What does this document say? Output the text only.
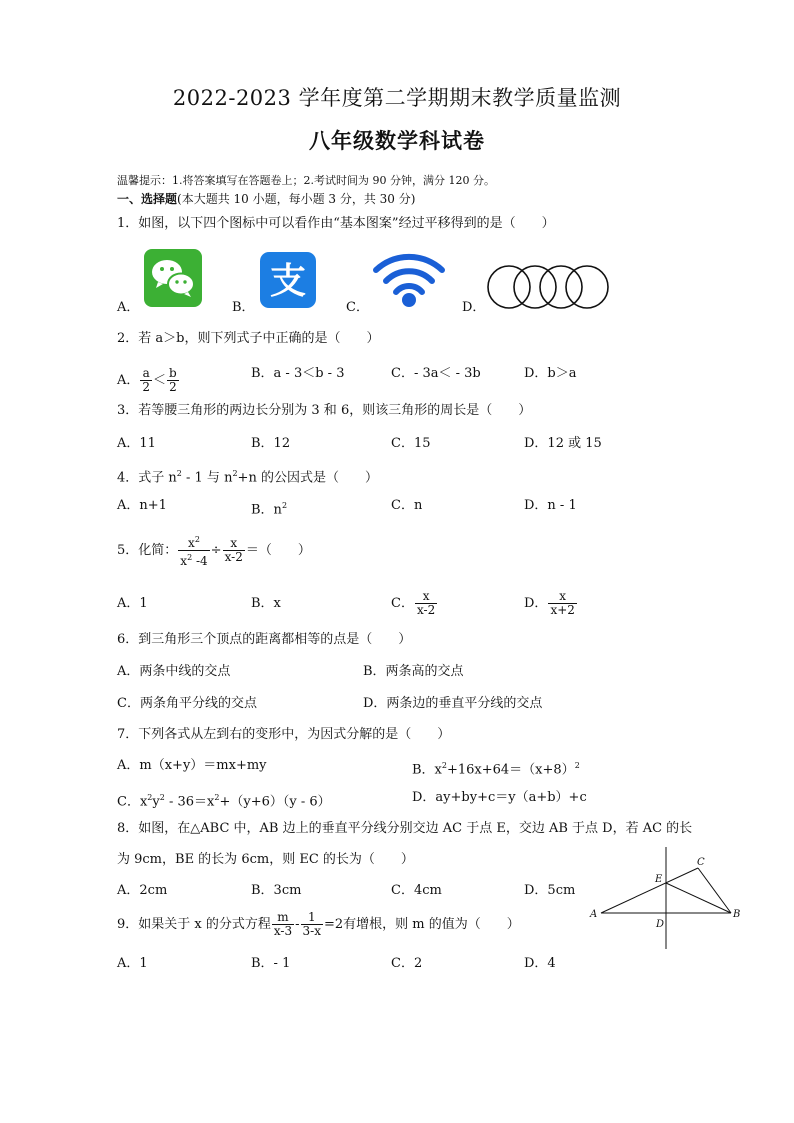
2022-2023 学年度第二学期期末教学质量监测
八年级数学科试卷
温馨提示：1.将答案填写在答题卷上；2.考试时间为 90 分钟，满分 120 分。
一、选择题(本大题共 10 小题，每小题 3 分，共 30 分)
1．如图，以下四个图标中可以看作由“基本图案”经过平移得到的是（　　）
A．	B．	C．	D．
支
2．若 a＞b，则下列式子中正确的是（　　）
A． $\frac{a}{2} < \frac{b}{2}$	B．a - 3＜b - 3	C．- 3a＜ - 3b	D．b＞a
3．若等腰三角形的两边长分别为 3 和 6，则该三角形的周长是（　　）
A．11	B．12	C．15	D．12 或 15
4．式子 $n^2 - 1$ 与 $n^2+n$ 的公因式是（　　）
A．n+1	B．$n^2$	C．n	D．n - 1
5．化简： $\frac{x^2}{x^2 -4} \div \frac{x}{x-2}$ ＝（　　）
A．1	B．x	C． $\frac{x}{x-2}$	D． $\frac{x}{x+2}$
6．到三角形三个顶点的距离都相等的点是（　　）
A．两条中线的交点	B．两条高的交点
C．两条角平分线的交点	D．两条边的垂直平分线的交点
7．下列各式从左到右的变形中，为因式分解的是（　　）
A．m（x+y）＝mx+my	B．$x^2+16x+64=(x+8)^2$
C．$x^2y^2 - 36=x^2+(y+6)(y - 6)$	D．ay+by+c＝y（a+b）+c
8．如图，在△ABC 中，AB 边上的垂直平分线分别交边 AC 于点 E，交边 AB 于点 D，若 AC 的长
为 9cm，BE 的长为 6cm，则 EC 的长为（　　）
A．2cm	B．3cm	C．4cm	D．5cm
A	B
C
D
E
9．如果关于 x 的分式方程 $\frac{m}{x-3} - \frac{1}{3-x} =2$有增根，则 m 的值为（　　）
A．1	B．- 1	C．2	D．4
